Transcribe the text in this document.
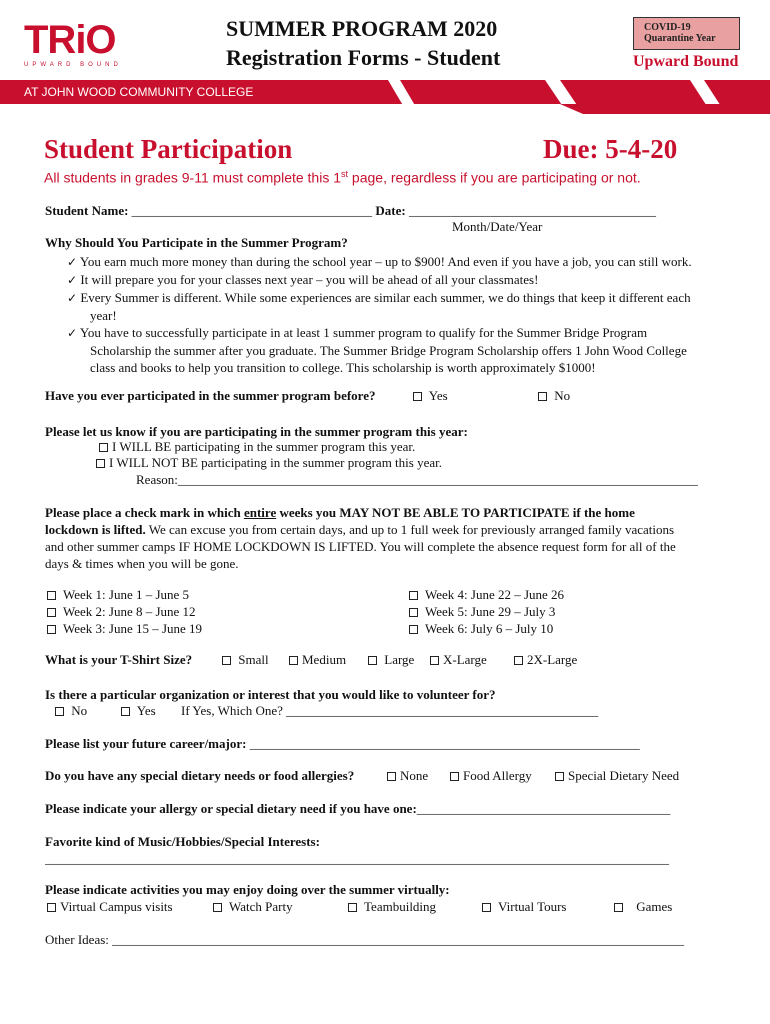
TRiO
UPWARD BOUND
SUMMER PROGRAM 2020
Registration Forms - Student
COVID-19
Quarantine Year
Upward Bound
AT JOHN WOOD COMMUNITY COLLEGE
Student Participation	Due: 5-4-20
All students in grades 9-11 must complete this 1st page, regardless if you are participating or not.
Student Name: _____________________________________ Date: ______________________________________
Month/Date/Year
Why Should You Participate in the Summer Program?
✓ You earn much more money than during the school year – up to $900! And even if you have a job, you can still work.
✓ It will prepare you for your classes next year – you will be ahead of all your classmates!
✓ Every Summer is different. While some experiences are similar each summer, we do things that keep it different each
year!
✓ You have to successfully participate in at least 1 summer program to qualify for the Summer Bridge Program
Scholarship the summer after you graduate. The Summer Bridge Program Scholarship offers 1 John Wood College
class and books to help you transition to college. This scholarship is worth approximately $1000!
Have you ever participated in the summer program before?	Yes	No
Please let us know if you are participating in the summer program this year:
I WILL BE participating in the summer program this year.
I WILL NOT BE participating in the summer program this year.
Reason:________________________________________________________________________________
Please place a check mark in which entire weeks you MAY NOT BE ABLE TO PARTICIPATE if the home
lockdown is lifted. We can excuse you from certain days, and up to 1 full week for previously arranged family vacations
and other summer camps IF HOME LOCKDOWN IS LIFTED. You will complete the absence request form for all of the
days & times when you will be gone.
Week 1: June 1 – June 5
Week 2: June 8 – June 12
Week 3: June 15 – June 19
Week 4: June 22 – June 26
Week 5: June 29 – July 3
Week 6: July 6 – July 10
What is your T-Shirt Size?	Small	Medium	Large	X-Large	2X-Large
Is there a particular organization or interest that you would like to volunteer for?
No	Yes If Yes, Which One? ________________________________________________
Please list your future career/major: ____________________________________________________________
Do you have any special dietary needs or food allergies?	None	Food Allergy	Special Dietary Need
Please indicate your allergy or special dietary need if you have one:_______________________________________
Favorite kind of Music/Hobbies/Special Interests:
________________________________________________________________________________________________
Please indicate activities you may enjoy doing over the summer virtually:
Virtual Campus visits	Watch Party	Teambuilding	Virtual Tours	Games
Other Ideas: ________________________________________________________________________________________
